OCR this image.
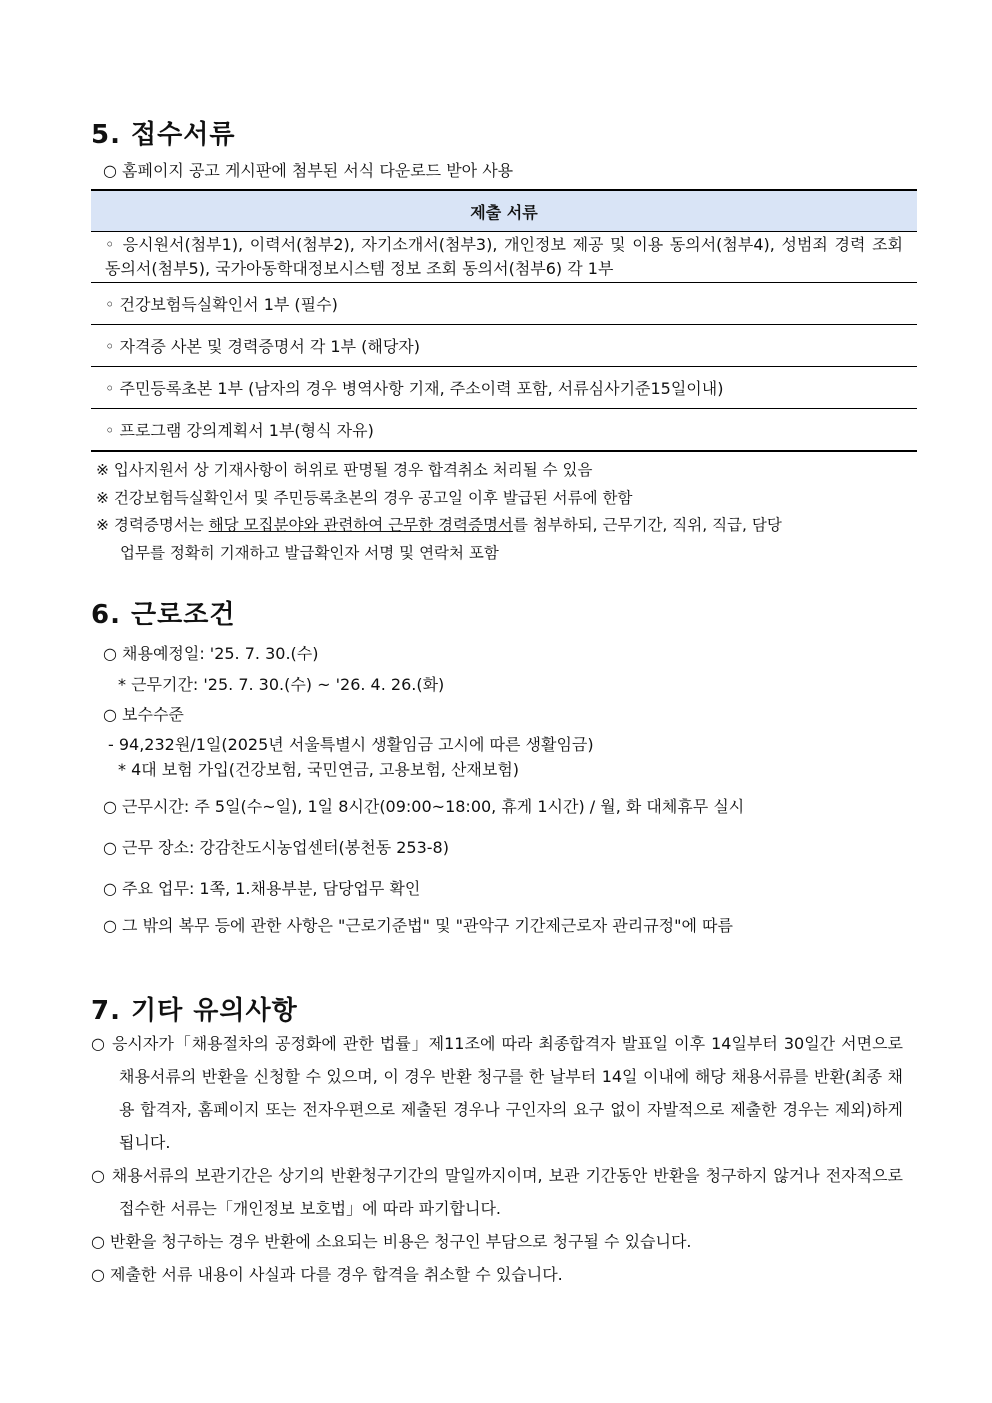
5. 접수서류
○ 홈페이지 공고 게시판에 첨부된 서식 다운로드 받아 사용
제출 서류
◦ 응시원서(첨부1), 이력서(첨부2), 자기소개서(첨부3), 개인정보 제공 및 이용 동의서(첨부4), 성범죄 경력 조회 동의서(첨부5), 국가아동학대정보시스템 정보 조회 동의서(첨부6) 각 1부
◦ 건강보험득실확인서 1부 (필수)
◦ 자격증 사본 및 경력증명서 각 1부 (해당자)
◦ 주민등록초본 1부 (남자의 경우 병역사항 기재, 주소이력 포함, 서류심사기준15일이내)
◦ 프로그램 강의계획서 1부(형식 자유)
※ 입사지원서 상 기재사항이 허위로 판명될 경우 합격취소 처리될 수 있음
※ 건강보험득실확인서 및 주민등록초본의 경우 공고일 이후 발급된 서류에 한함
※ 경력증명서는 해당 모집분야와 관련하여 근무한 경력증명서를 첨부하되, 근무기간, 직위, 직급, 담당
업무를 정확히 기재하고 발급확인자 서명 및 연락처 포함
6. 근로조건
○ 채용예정일: '25. 7. 30.(수)
* 근무기간: '25. 7. 30.(수) ~ '26. 4. 26.(화)
○ 보수수준
- 94,232원/1일(2025년 서울특별시 생활임금 고시에 따른 생활임금)
* 4대 보험 가입(건강보험, 국민연금, 고용보험, 산재보험)
○ 근무시간: 주 5일(수~일), 1일 8시간(09:00~18:00, 휴게 1시간) / 월, 화 대체휴무 실시
○ 근무 장소: 강감찬도시농업센터(봉천동 253-8)
○ 주요 업무: 1쪽, 1.채용부분, 담당업무 확인
○ 그 밖의 복무 등에 관한 사항은 "근로기준법" 및 "관악구 기간제근로자 관리규정"에 따름
7. 기타 유의사항
○ 응시자가「채용절차의 공정화에 관한 법률」제11조에 따라 최종합격자 발표일 이후 14일부터 30일간 서면으로 채용서류의 반환을 신청할 수 있으며, 이 경우 반환 청구를 한 날부터 14일 이내에 해당 채용서류를 반환(최종 채용 합격자, 홈페이지 또는 전자우편으로 제출된 경우나 구인자의 요구 없이 자발적으로 제출한 경우는 제외)하게 됩니다.
○ 채용서류의 보관기간은 상기의 반환청구기간의 말일까지이며, 보관 기간동안 반환을 청구하지 않거나 전자적으로 접수한 서류는「개인정보 보호법」에 따라 파기합니다.
○ 반환을 청구하는 경우 반환에 소요되는 비용은 청구인 부담으로 청구될 수 있습니다.
○ 제출한 서류 내용이 사실과 다를 경우 합격을 취소할 수 있습니다.
